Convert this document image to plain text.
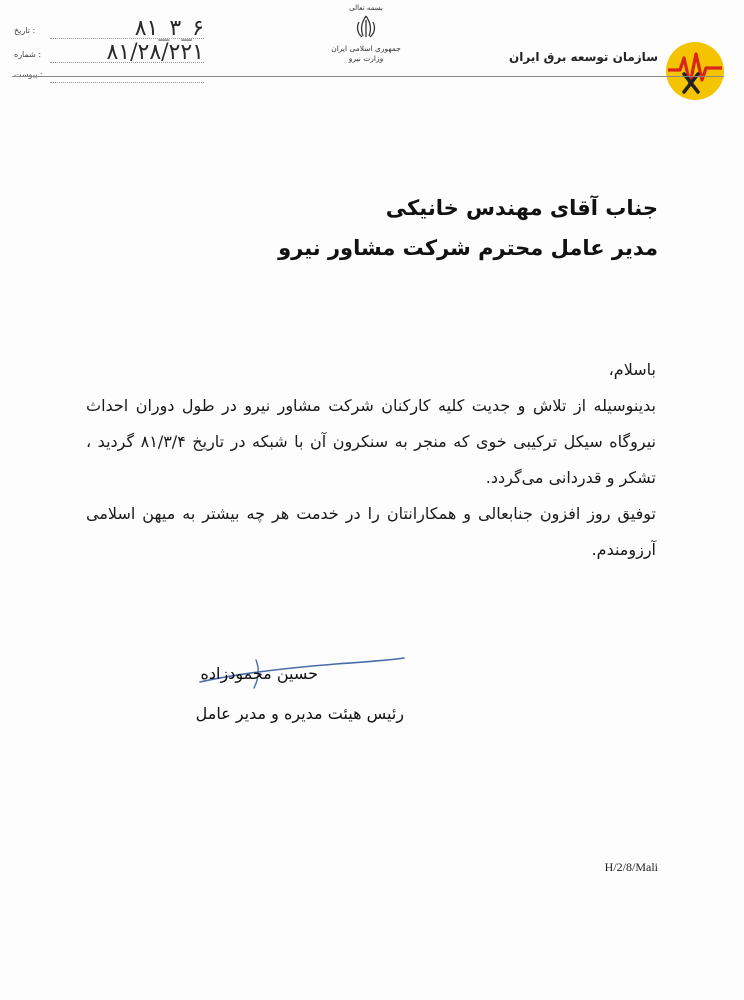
: تاریخ	۸۱_۳_۶
: شماره	۸۱/۲۸/۲۲۱
: پیوست
بسمه تعالی
جمهوری اسلامی ایران
وزارت نیرو	سازمان توسعه برق ایران
جناب آقای مهندس خانیکی
مدیر عامل محترم شرکت مشاور نیرو

باسلام،

بدینوسیله از تلاش و جدیت کلیه کارکنان شرکت مشاور نیرو در طول دوران احداث نیروگاه سیکل ترکیبی خوی که منجر به سنکرون آن با شبکه در تاریخ ۸۱/۳/۴ گردید ، تشکر و قدردانی می‌گردد.

توفیق روز افزون جنابعالی و همکارانتان را در خدمت هر چه بیشتر به میهن اسلامی آرزومندم.

حسین محمودزاده
رئیس هیئت مدیره و مدیر عامل
H/2/8/Mali
